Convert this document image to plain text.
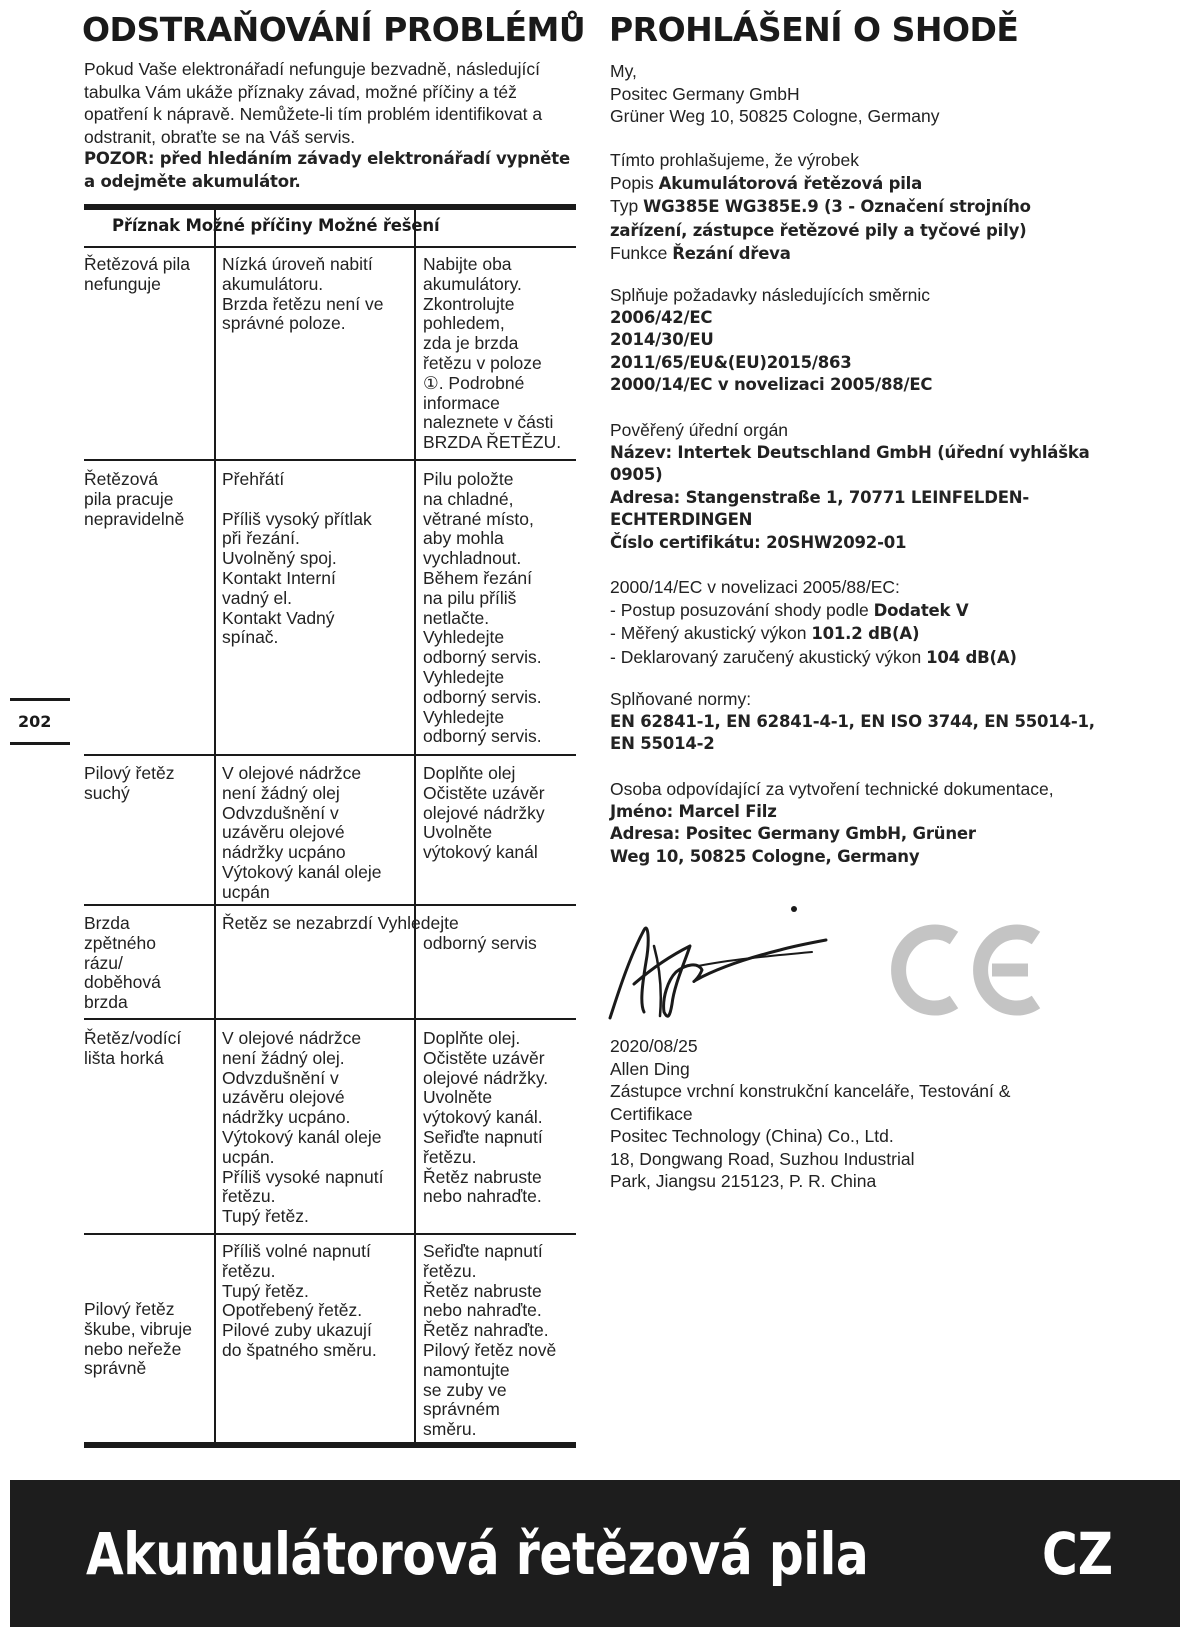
ODSTRAŇOVÁNÍ PROBLÉMŮ
Pokud Vaše elektronářadí nefunguje bezvadně, následující tabulka Vám ukáže příznaky závad, možné příčiny a též opatření k nápravě. Nemůžete-li tím problém identifikovat a odstranit, obraťte se na Váš servis.
POZOR: před hledáním závady elektronářadí vypněte a odejměte akumulátor.
Příznak Možné příčiny Možné řešení
Řetězová pila
nefunguje
Nízká úroveň nabití
akumulátoru.
Brzda řetězu není ve
správné poloze.
Nabijte oba
akumulátory.
Zkontrolujte
pohledem,
zda je brzda
řetězu v poloze
①. Podrobné
informace
naleznete v části
BRZDA ŘETĚZU.
Řetězová
pila pracuje
nepravidelně
Přehřátí

Příliš vysoký přítlak
při řezání.
Uvolněný spoj.
Kontakt Interní
vadný el.
Kontakt Vadný
spínač.
Pilu položte
na chladné,
větrané místo,
aby mohla
vychladnout.
Během řezání
na pilu příliš
netlačte.
Vyhledejte
odborný servis.
Vyhledejte
odborný servis.
Vyhledejte
odborný servis.
Pilový řetěz
suchý
V olejové nádržce
není žádný olej
Odvzdušnění v
uzávěru olejové
nádržky ucpáno
Výtokový kanál oleje
ucpán
Doplňte olej
Očistěte uzávěr
olejové nádržky
Uvolněte
výtokový kanál
Brzda
zpětného
rázu/
doběhová
brzda
Řetěz se nezabrzdí Vyhledejte
odborný servis
Řetěz/vodící
lišta horká
V olejové nádržce
není žádný olej.
Odvzdušnění v
uzávěru olejové
nádržky ucpáno.
Výtokový kanál oleje
ucpán.
Příliš vysoké napnutí
řetězu.
Tupý řetěz.
Doplňte olej.
Očistěte uzávěr
olejové nádržky.
Uvolněte
výtokový kanál.
Seřiďte napnutí
řetězu.
Řetěz nabruste
nebo nahraďte.
Pilový řetěz
škube, vibruje
nebo neřeže
správně
Příliš volné napnutí
řetězu.
Tupý řetěz.
Opotřebený řetěz.
Pilové zuby ukazují
do špatného směru.
Seřiďte napnutí
řetězu.
Řetěz nabruste
nebo nahraďte.
Řetěz nahraďte.
Pilový řetěz nově
namontujte
se zuby ve
správném
směru.
202
PROHLÁŠENÍ O SHODĚ
My,
Positec Germany GmbH
Grüner Weg 10, 50825 Cologne, Germany
Tímto prohlašujeme, že výrobek
Popis Akumulátorová řetězová pila
Typ WG385E WG385E.9 (3 - Označení strojního zařízení, zástupce řetězové pily a tyčové pily)
Funkce Řezání dřeva
Splňuje požadavky následujících směrnic
2006/42/EC
2014/30/EU
2011/65/EU&(EU)2015/863
2000/14/EC v novelizaci 2005/88/EC
Pověřený úřední orgán
Název: Intertek Deutschland GmbH (úřední vyhláška 0905)
Adresa: Stangenstraße 1, 70771 LEINFELDEN-ECHTERDINGEN
Číslo certifikátu: 20SHW2092-01
2000/14/EC v novelizaci 2005/88/EC:
- Postup posuzování shody podle Dodatek V
- Měřený akustický výkon 101.2 dB(A)
- Deklarovaný zaručený akustický výkon 104 dB(A)
Splňované normy:
EN 62841-1, EN 62841-4-1, EN ISO 3744, EN 55014-1, EN 55014-2
Osoba odpovídající za vytvoření technické dokumentace,
Jméno: Marcel Filz
Adresa: Positec Germany GmbH, Grüner Weg 10, 50825 Cologne, Germany
2020/08/25
Allen Ding
Zástupce vrchní konstrukční kanceláře, Testování & Certifikace
Positec Technology (China) Co., Ltd.
18, Dongwang Road, Suzhou Industrial Park, Jiangsu 215123, P. R. China
Akumulátorová řetězová pila	CZ
